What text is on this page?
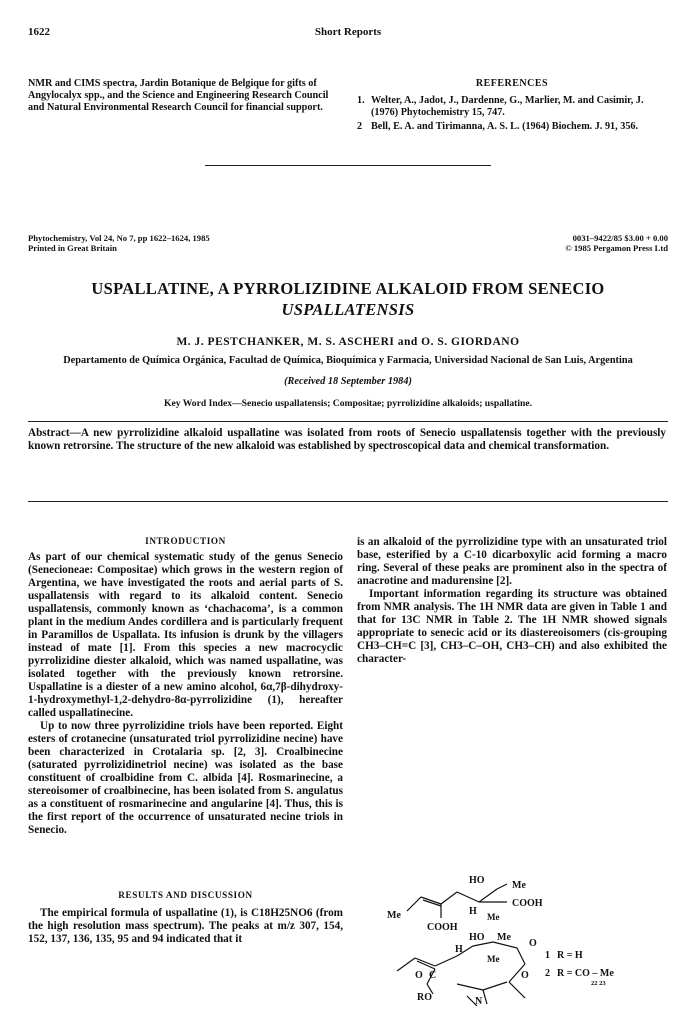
1622	Short Reports
NMR and CIMS spectra, Jardin Botanique de Belgique for gifts of Angylocalyx spp., and the Science and Engineering Research Council and Natural Environmental Research Council for financial support.
REFERENCES
1. Welter, A., Jadot, J., Dardenne, G., Marlier, M. and Casimir, J. (1976) Phytochemistry 15, 747.
2 Bell, E. A. and Tirimanna, A. S. L. (1964) Biochem. J. 91, 356.
Phytochemistry, Vol 24, No 7, pp 1622–1624, 1985
Printed in Great Britain
0031–9422/85 $3.00 + 0.00
© 1985 Pergamon Press Ltd
USPALLATINE, A PYRROLIZIDINE ALKALOID FROM SENECIO
USPALLATENSIS
M. J. PESTCHANKER, M. S. ASCHERI and O. S. GIORDANO
Departamento de Química Orgánica, Facultad de Química, Bioquímica y Farmacia, Universidad Nacional de San Luis, Argentina
(Received 18 September 1984)
Key Word Index—Senecio uspallatensis; Compositae; pyrrolizidine alkaloids; uspallatine.
Abstract—A new pyrrolizidine alkaloid uspallatine was isolated from roots of Senecio uspallatensis together with the previously known retrorsine. The structure of the new alkaloid was established by spectroscopical data and chemical transformation.
INTRODUCTION

As part of our chemical systematic study of the genus Senecio (Senecioneae: Compositae) which grows in the western region of Argentina, we have investigated the roots and aerial parts of S. uspallatensis with regard to its alkaloid content. Senecio uspallatensis, commonly known as ‘chachacoma’, is a common plant in the medium Andes cordillera and is particularly frequent in Paramillos de Uspallata. Its infusion is drunk by the villagers instead of mate [1]. From this species a new macrocyclic pyrrolizidine diester alkaloid, which was named uspallatine, was isolated together with the previously known retrorsine. Uspallatine is a diester of a new amino alcohol, 6α,7β-dihydroxy-1-hydroxymethyl-1,2-dehydro-8α-pyrrolizidine (1), hereafter called uspallatinecine.

Up to now three pyrrolizidine triols have been reported. Eight esters of crotanecine (unsaturated triol pyrrolizidine necine) have been characterized in Crotalaria sp. [2, 3]. Croalbinecine (saturated pyrrolizidinetriol necine) was isolated as the base constituent of croalbidine from C. albida [4]. Rosmarinecine, a stereoisomer of croalbinecine, has been isolated from S. angulatus as a constituent of rosmarinecine and angularine [4]. Thus, this is the first report of the occurrence of unsaturated necine triols in Senecio.

RESULTS AND DISCUSSION

The empirical formula of uspallatine (1), is C18H25NO6 (from the high resolution mass spectrum). The peaks at m/z 307, 154, 152, 137, 136, 135, 95 and 94 indicated that it

is an alkaloid of the pyrrolizidine type with an unsaturated triol base, esterified by a C-10 dicarboxylic acid forming a macro ring. Several of these peaks are prominent also in the spectra of anacrotine and madurensine [2].

Important information regarding its structure was obtained from NMR analysis. The 1H NMR data are given in Table 1 and that for 13C NMR in Table 2. The 1H NMR showed signals appropriate to senecic acid or its diastereoisomers (cis-grouping CH3–CH=C [3], CH3–C–OH, CH3–CH) and also exhibited the character-

Me
HO	Me
H Me
COOH
COOH
HO Me
O
H
Me
O C	O
RO	N
1 R = H
2 R = CO – Me
22 23
